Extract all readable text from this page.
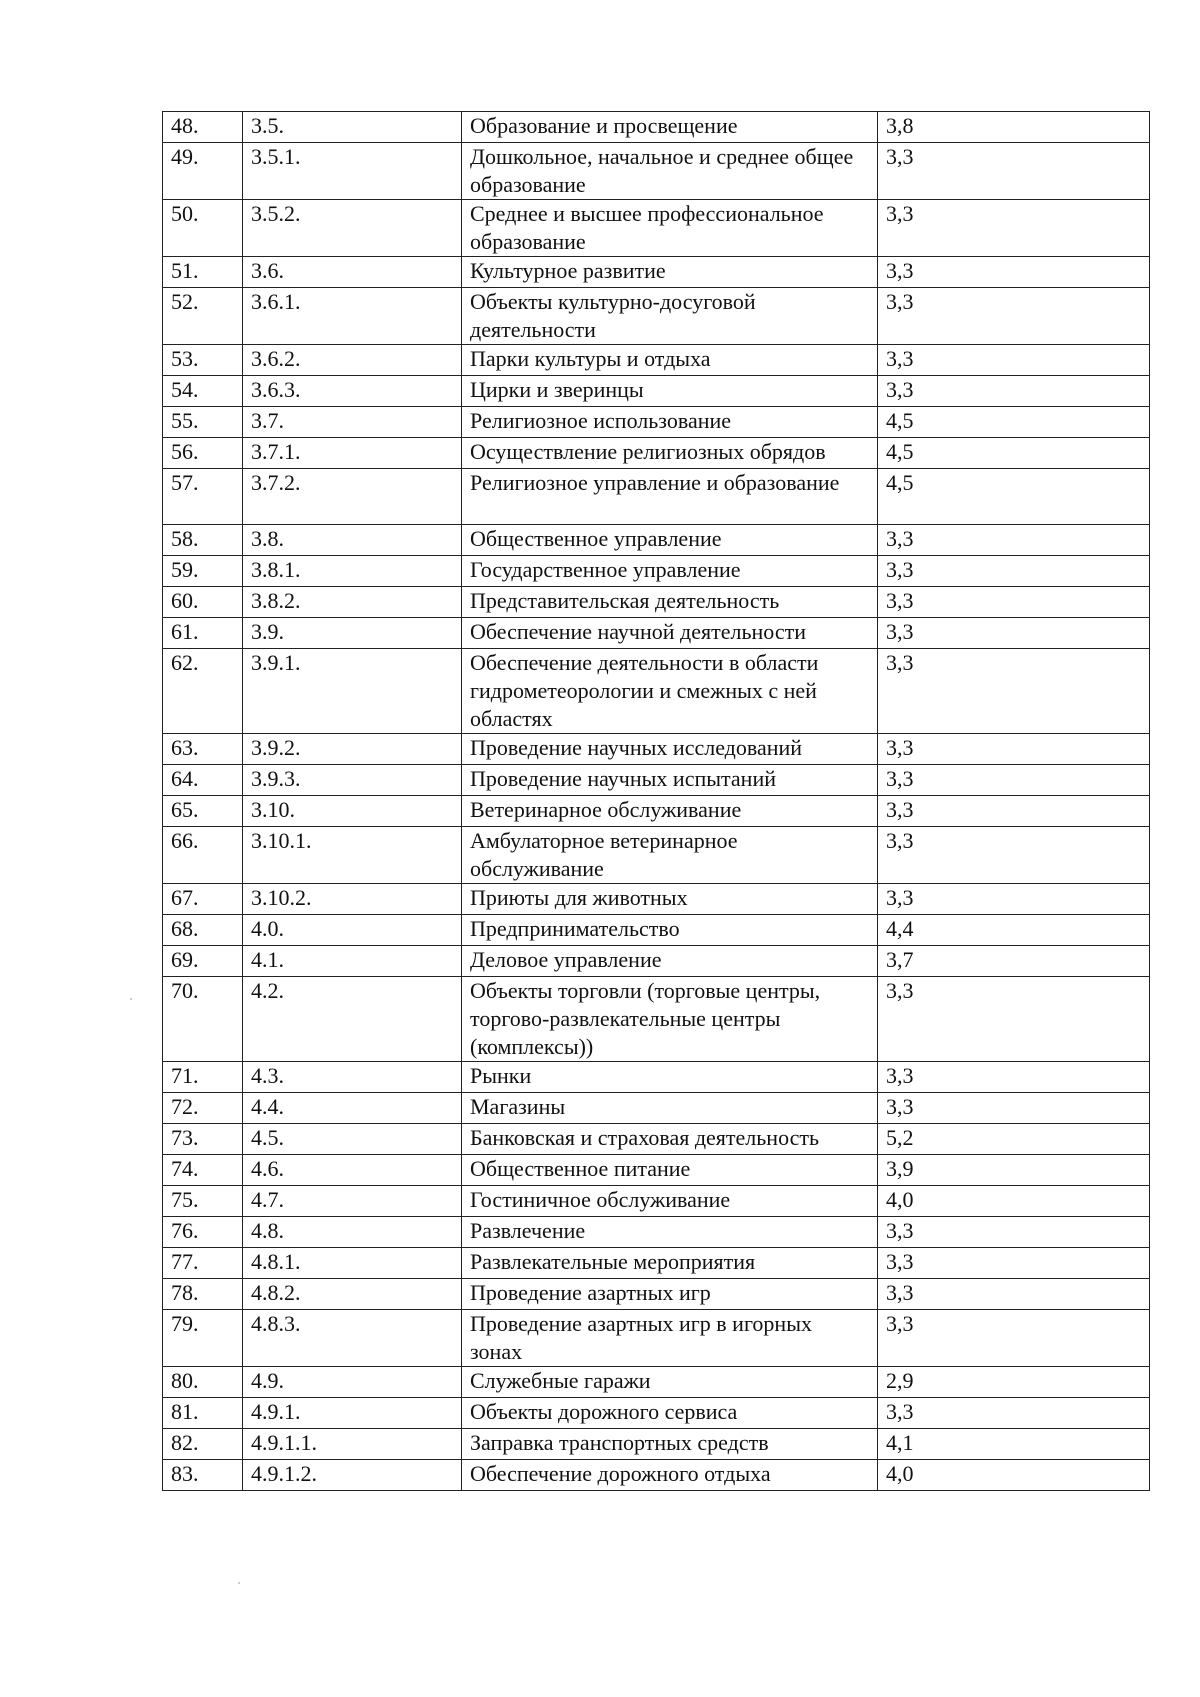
48.	3.5.	Образование и просвещение	3,8
49.	3.5.1.	Дошкольное, начальное и среднее общее образование	3,3
50.	3.5.2.	Среднее и высшее профессиональное образование	3,3
51.	3.6.	Культурное развитие	3,3
52.	3.6.1.	Объекты культурно-досуговой деятельности	3,3
53.	3.6.2.	Парки культуры и отдыха	3,3
54.	3.6.3.	Цирки и зверинцы	3,3
55.	3.7.	Религиозное использование	4,5
56.	3.7.1.	Осуществление религиозных обрядов	4,5
57.	3.7.2.	Религиозное управление и образование	4,5
58.	3.8.	Общественное управление	3,3
59.	3.8.1.	Государственное управление	3,3
60.	3.8.2.	Представительская деятельность	3,3
61.	3.9.	Обеспечение научной деятельности	3,3
62.	3.9.1.	Обеспечение деятельности в области гидрометеорологии и смежных с ней областях	3,3
63.	3.9.2.	Проведение научных исследований	3,3
64.	3.9.3.	Проведение научных испытаний	3,3
65.	3.10.	Ветеринарное обслуживание	3,3
66.	3.10.1.	Амбулаторное ветеринарное обслуживание	3,3
67.	3.10.2.	Приюты для животных	3,3
68.	4.0.	Предпринимательство	4,4
69.	4.1.	Деловое управление	3,7
70.	4.2.	Объекты торговли (торговые центры, торгово-развлекательные центры (комплексы))	3,3
71.	4.3.	Рынки	3,3
72.	4.4.	Магазины	3,3
73.	4.5.	Банковская и страховая деятельность	5,2
74.	4.6.	Общественное питание	3,9
75.	4.7.	Гостиничное обслуживание	4,0
76.	4.8.	Развлечение	3,3
77.	4.8.1.	Развлекательные мероприятия	3,3
78.	4.8.2.	Проведение азартных игр	3,3
79.	4.8.3.	Проведение азартных игр в игорных зонах	3,3
80.	4.9.	Служебные гаражи	2,9
81.	4.9.1.	Объекты дорожного сервиса	3,3
82.	4.9.1.1.	Заправка транспортных средств	4,1
83.	4.9.1.2.	Обеспечение дорожного отдыха	4,0
